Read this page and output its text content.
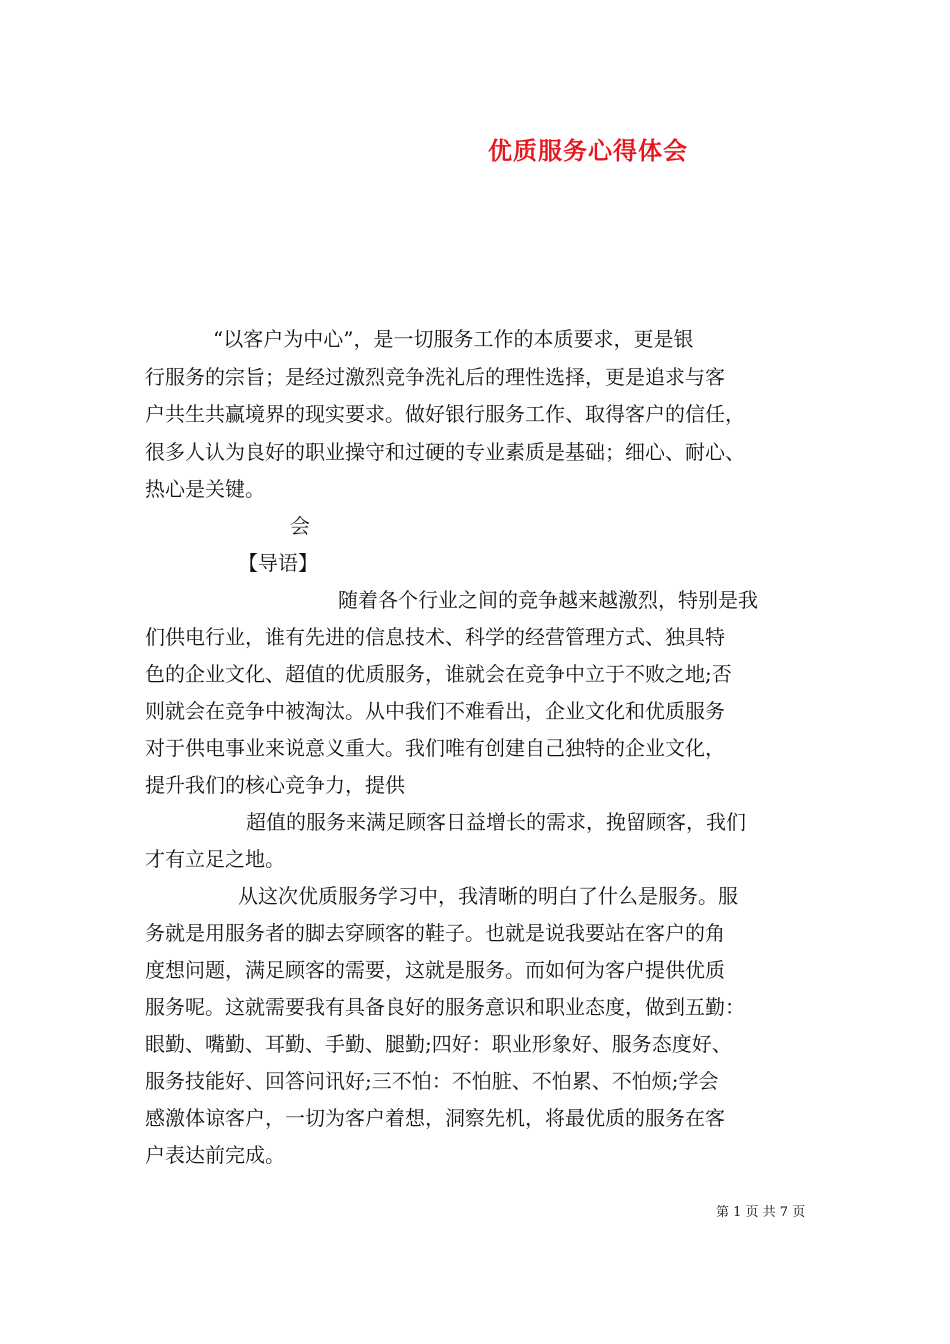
优质服务心得体会
“以客户为中心”，是一切服务工作的本质要求，更是银
行服务的宗旨；是经过激烈竞争洗礼后的理性选择，更是追求与客
户共生共赢境界的现实要求。做好银行服务工作、取得客户的信任，
很多人认为良好的职业操守和过硬的专业素质是基础；细心、耐心、
热心是关键。
会
【导语】
随着各个行业之间的竞争越来越激烈，特别是我
们供电行业，谁有先进的信息技术、科学的经营管理方式、独具特
色的企业文化、超值的优质服务，谁就会在竞争中立于不败之地;否
则就会在竞争中被淘汰。从中我们不难看出，企业文化和优质服务
对于供电事业来说意义重大。我们唯有创建自己独特的企业文化，
提升我们的核心竞争力，提供
超值的服务来满足顾客日益增长的需求，挽留顾客，我们
才有立足之地。
从这次优质服务学习中，我清晰的明白了什么是服务。服
务就是用服务者的脚去穿顾客的鞋子。也就是说我要站在客户的角
度想问题，满足顾客的需要，这就是服务。而如何为客户提供优质
服务呢。这就需要我有具备良好的服务意识和职业态度，做到五勤：
眼勤、嘴勤、耳勤、手勤、腿勤;四好：职业形象好、服务态度好、
服务技能好、回答问讯好;三不怕：不怕脏、不怕累、不怕烦;学会
感激体谅客户，一切为客户着想，洞察先机，将最优质的服务在客
户表达前完成。
第 1 页 共 7 页
